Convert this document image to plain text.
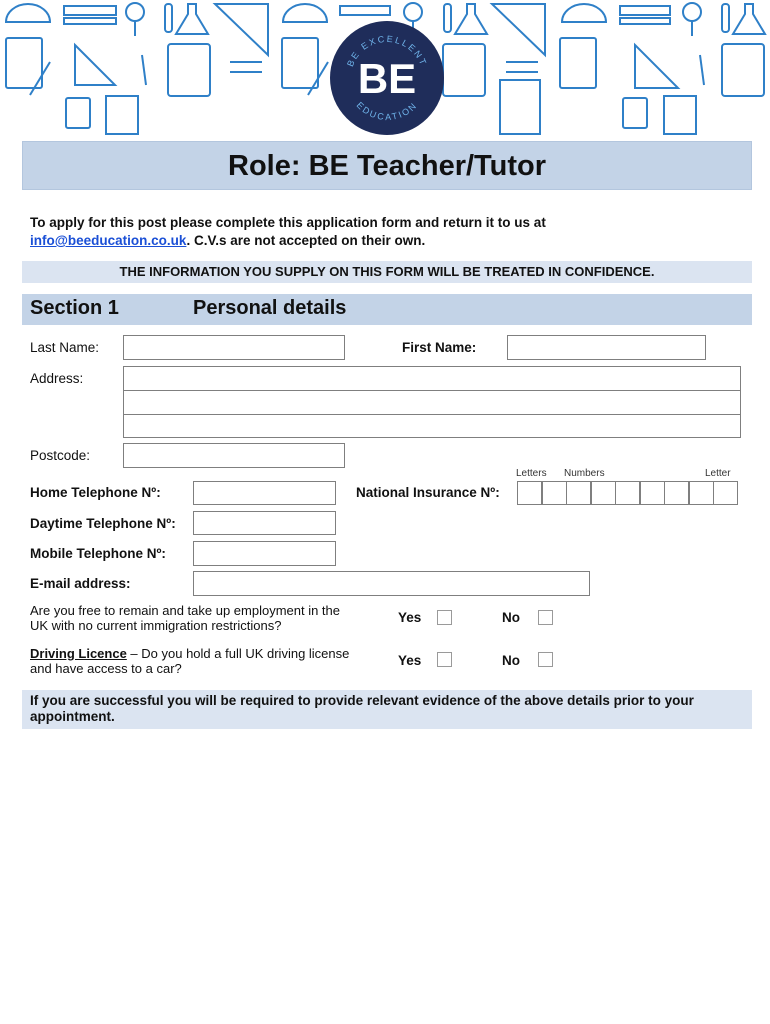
BE
BE EXCELLENT
EDUCATION
Role: BE Teacher/Tutor
To apply for this post please complete this application form and return it to us at
info@beeducation.co.uk. C.V.s are not accepted on their own.
THE INFORMATION YOU SUPPLY ON THIS FORM WILL BE TREATED IN CONFIDENCE.
Section 1	Personal details
Last Name:	First Name:
Address:
Postcode:
Letters Numbers	Letter
Home Telephone Nº:	National Insurance Nº:
Daytime Telephone Nº:
Mobile Telephone Nº:
E-mail address:
Are you free to remain and take up employment in the
UK with no current immigration restrictions?
Yes	No
Driving Licence – Do you hold a full UK driving license
and have access to a car?
Yes	No
If you are successful you will be required to provide relevant evidence of the above details prior to your appointment.
